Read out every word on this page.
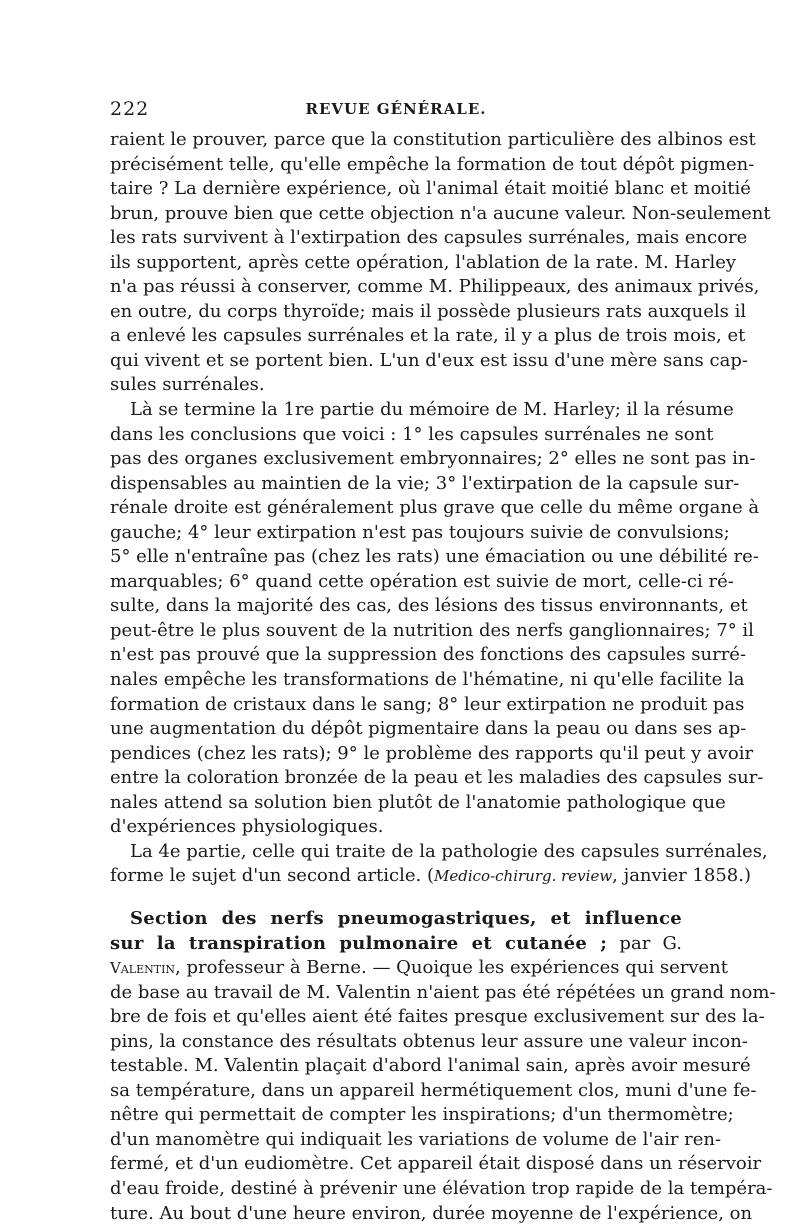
222	REVUE GÉNÉRALE.
raient le prouver, parce que la constitution particulière des albinos est
précisément telle, qu'elle empêche la formation de tout dépôt pigmen-
taire ? La dernière expérience, où l'animal était moitié blanc et moitié
brun, prouve bien que cette objection n'a aucune valeur. Non-seulement
les rats survivent à l'extirpation des capsules surrénales, mais encore
ils supportent, après cette opération, l'ablation de la rate. M. Harley
n'a pas réussi à conserver, comme M. Philippeaux, des animaux privés,
en outre, du corps thyroïde; mais il possède plusieurs rats auxquels il
a enlevé les capsules surrénales et la rate, il y a plus de trois mois, et
qui vivent et se portent bien. L'un d'eux est issu d'une mère sans cap-
sules surrénales.
Là se termine la 1re partie du mémoire de M. Harley; il la résume
dans les conclusions que voici : 1° les capsules surrénales ne sont
pas des organes exclusivement embryonnaires; 2° elles ne sont pas in-
dispensables au maintien de la vie; 3° l'extirpation de la capsule sur-
rénale droite est généralement plus grave que celle du même organe à
gauche; 4° leur extirpation n'est pas toujours suivie de convulsions;
5° elle n'entraîne pas (chez les rats) une émaciation ou une débilité re-
marquables; 6° quand cette opération est suivie de mort, celle-ci ré-
sulte, dans la majorité des cas, des lésions des tissus environnants, et
peut-être le plus souvent de la nutrition des nerfs ganglionnaires; 7° il
n'est pas prouvé que la suppression des fonctions des capsules surré-
nales empêche les transformations de l'hématine, ni qu'elle facilite la
formation de cristaux dans le sang; 8° leur extirpation ne produit pas
une augmentation du dépôt pigmentaire dans la peau ou dans ses ap-
pendices (chez les rats); 9° le problème des rapports qu'il peut y avoir
entre la coloration bronzée de la peau et les maladies des capsules sur-
nales attend sa solution bien plutôt de l'anatomie pathologique que
d'expériences physiologiques.
La 4e partie, celle qui traite de la pathologie des capsules surrénales,
forme le sujet d'un second article. (Medico-chirurg. review, janvier 1858.)
Section des nerfs pneumogastriques, et influence
sur la transpiration pulmonaire et cutanée ; par G.
Valentin, professeur à Berne. — Quoique les expériences qui servent
de base au travail de M. Valentin n'aient pas été répétées un grand nom-
bre de fois et qu'elles aient été faites presque exclusivement sur des la-
pins, la constance des résultats obtenus leur assure une valeur incon-
testable. M. Valentin plaçait d'abord l'animal sain, après avoir mesuré
sa température, dans un appareil hermétiquement clos, muni d'une fe-
nêtre qui permettait de compter les inspirations; d'un thermomètre;
d'un manomètre qui indiquait les variations de volume de l'air ren-
fermé, et d'un eudiomètre. Cet appareil était disposé dans un réservoir
d'eau froide, destiné à prévenir une élévation trop rapide de la tempéra-
ture. Au bout d'une heure environ, durée moyenne de l'expérience, on
